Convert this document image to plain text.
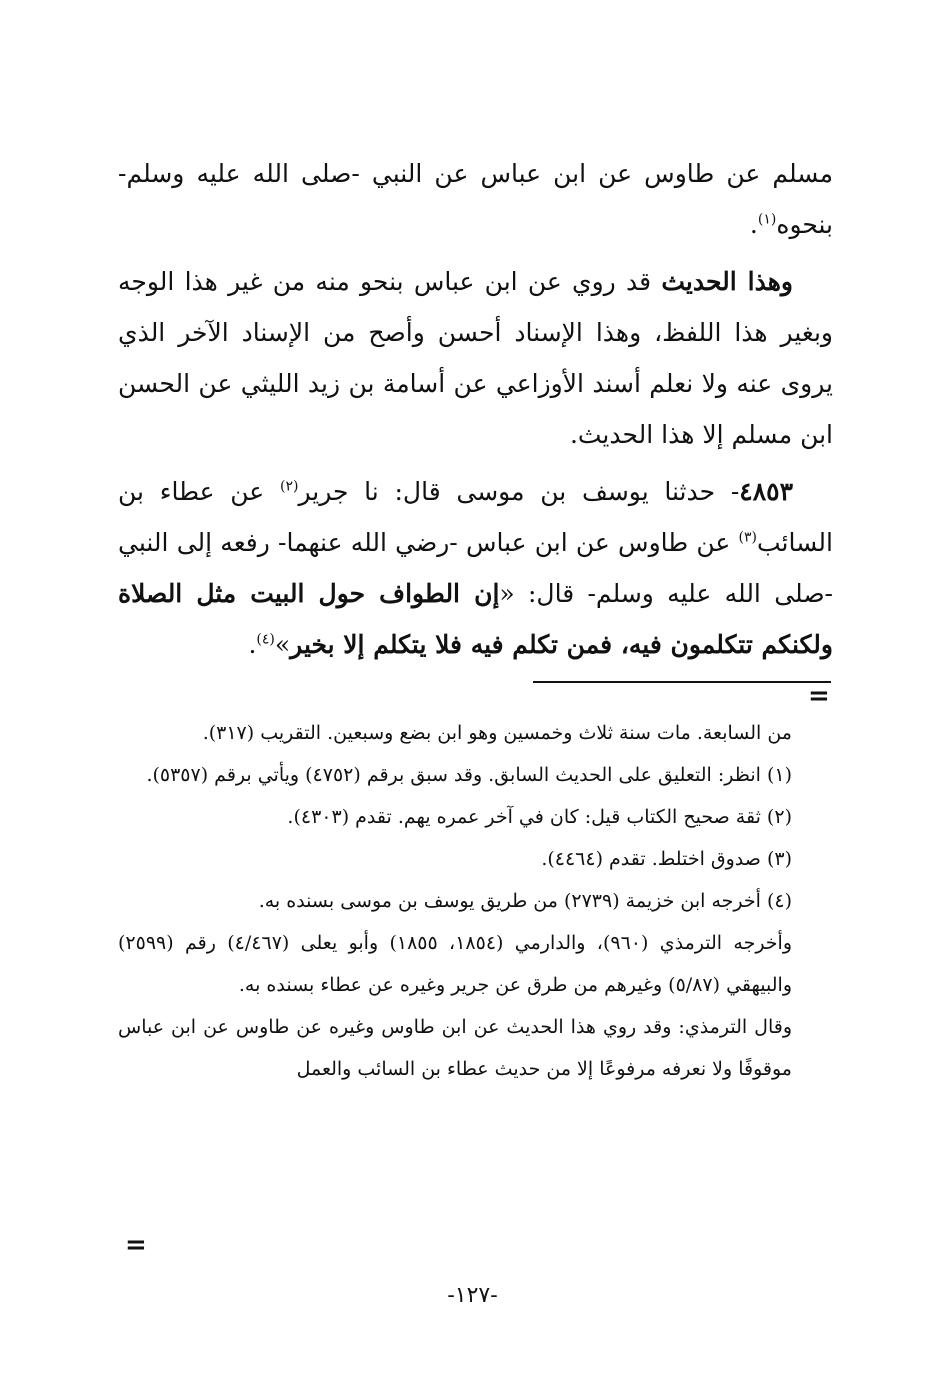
مسلم عن طاوس عن ابن عباس عن النبي -صلى الله عليه وسلم- بنحوه$^{(١)}$.

وهذا الحديث قد روي عن ابن عباس بنحو منه من غير هذا الوجه وبغير هذا اللفظ، وهذا الإسناد أحسن وأصح من الإسناد الآخر الذي يروى عنه ولا نعلم أسند الأوزاعي عن أسامة بن زيد الليثي عن الحسن ابن مسلم إلا هذا الحديث.

٤٨٥٣- حدثنا يوسف بن موسى قال: نا جرير$^{(٢)}$ عن عطاء بن السائب$^{(٣)}$ عن طاوس عن ابن عباس -رضي الله عنهما- رفعه إلى النبي -صلى الله عليه وسلم- قال: «إن الطواف حول البيت مثل الصلاة ولكنكم تتكلمون فيه، فمن تكلم فيه فلا يتكلم إلا بخير»$^{(٤)}$.

=

من السابعة. مات سنة ثلاث وخمسين وهو ابن بضع وسبعين. التقريب (٣١٧).

(١) انظر: التعليق على الحديث السابق. وقد سبق برقم (٤٧٥٢) ويأتي برقم (٥٣٥٧).

(٢) ثقة صحيح الكتاب قيل: كان في آخر عمره يهم. تقدم (٤٣٠٣).

(٣) صدوق اختلط. تقدم (٤٤٦٤).

(٤) أخرجه ابن خزيمة (٢٧٣٩) من طريق يوسف بن موسى بسنده به.

وأخرجه الترمذي (٩٦٠)، والدارمي (١٨٥٤، ١٨٥٥) وأبو يعلى (٤/٤٦٧) رقم (٢٥٩٩) والبيهقي (٥/٨٧) وغيرهم من طرق عن جرير وغيره عن عطاء بسنده به.

وقال الترمذي: وقد روي هذا الحديث عن ابن طاوس وغيره عن طاوس عن ابن عباس موقوفًا ولا نعرفه مرفوعًا إلا من حديث عطاء بن السائب والعمل

=
-١٢٧-
